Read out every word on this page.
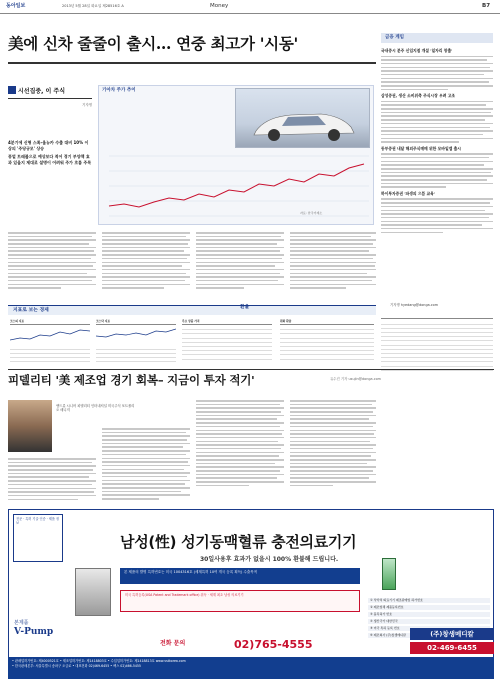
동아일보	2013년 5월 28일 화요일 제28516호 A	Money	B7
美에 신차 줄줄이 출시… 연중 최고가 '시동'
시선집중, 이 주식
기자명

4분기에 신형 스톡-올뉴카 수출 대비 10% 이상의 '주당규모' 상승

퓨얼 트래블으로 예상보다 적어 경기 부양책 효과 있을지 제대로 설명이 어려워 주가 흐름 주목

기아차 주가 추이
자료: 한국거래소
금융 게임
국내증시 분주 신입지점 개설 '일자리 창출'
삼성증권, 생산 소비위축 주식시장 우려 고조
동부증권 내달 해외주식매매 위한 모바일앱 출시
하이투자증권 '파생의 으뜸 교육'
기자명 hyedang@donga.com
지표로 보는 경제
환율
코스피 지표	코스닥 지표	주요 상품 가격	원화 환율
피델리티 '美 제조업 경기 회복– 지금이 투자 적기'	유수진 기자 usujin@donga.com
앤드류 시니어 피델리티 인터내셔널 미국주식 포트폴리오 매니저
전문 · 특허 기술 인증 · 제품 정보
남성(性) 성기동맥혈류 충전의료기기
30일사용후 효과가 없을시 100% 환불해 드립니다.
본 제품의 발명 특허번호는 미국 1004316호 (세계특허 10여 개국 등록 획득) 수출목적
미국 특허등록(USA Patent and Trademark office) 취득 · 세계 최초 남성 의료기기
본제품
V-Pump
① 식약처 의료기기 제조판매업 허가번호
② 제조업체 제품등록번호
③ 품목허가 번호
④ 생산국가 대한민국
⑤ 미국 특허 등록 번호
⑥ 제조회사 (주)창생메디칼
전화 문의	02)765-4555
(주)창생메디칼
02-469-6455
• 판매업허가번호: 제4000521호 • 제조업허가번호: 제1418803호 • 수입업허가번호: 제1418813호 www.vstkorea.com
• 한국판매본부: 서울특별시 송파구 오금로 • 대표전화 02)469-6455 • 팩스 02)466-5455
